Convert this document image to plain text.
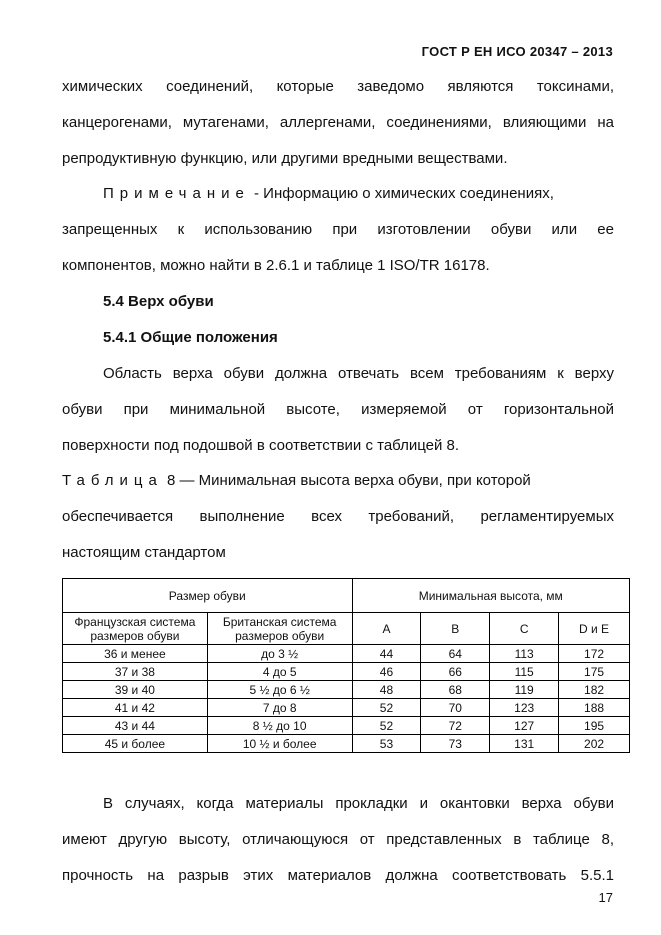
ГОСТ Р ЕН ИСО 20347 – 2013
химических соединений, которые заведомо являются токсинами,
канцерогенами, мутагенами, аллергенами, соединениями, влияющими на
репродуктивную функцию, или другими вредными веществами.
Примечание - Информацию о химических соединениях,
запрещенных к использованию при изготовлении обуви или ее
компонентов, можно найти в 2.6.1 и таблице 1 ISO/TR 16178.
5.4 Верх обуви
5.4.1 Общие положения
Область верха обуви должна отвечать всем требованиям к верху
обуви при минимальной высоте, измеряемой от горизонтальной
поверхности под подошвой в соответствии с таблицей 8.
Таблица 8 — Минимальная высота верха обуви, при которой
обеспечивается выполнение всех требований, регламентируемых
настоящим стандартом
Размер обуви		Минимальная высота, мм			
Французская система размеров обуви	Британская система размеров обуви	A	B	C	D и E
36 и менее	до 3 ½	44	64	113	172
37 и 38	4 до 5	46	66	115	175
39 и 40	5 ½ до 6 ½	48	68	119	182
41 и 42	7 до 8	52	70	123	188
43 и 44	8 ½ до 10	52	72	127	195
45 и более	10 ½ и более	53	73	131	202
В случаях, когда материалы прокладки и окантовки верха обуви
имеют другую высоту, отличающуюся от представленных в таблице 8,
прочность на разрыв этих материалов должна соответствовать 5.5.1
17
